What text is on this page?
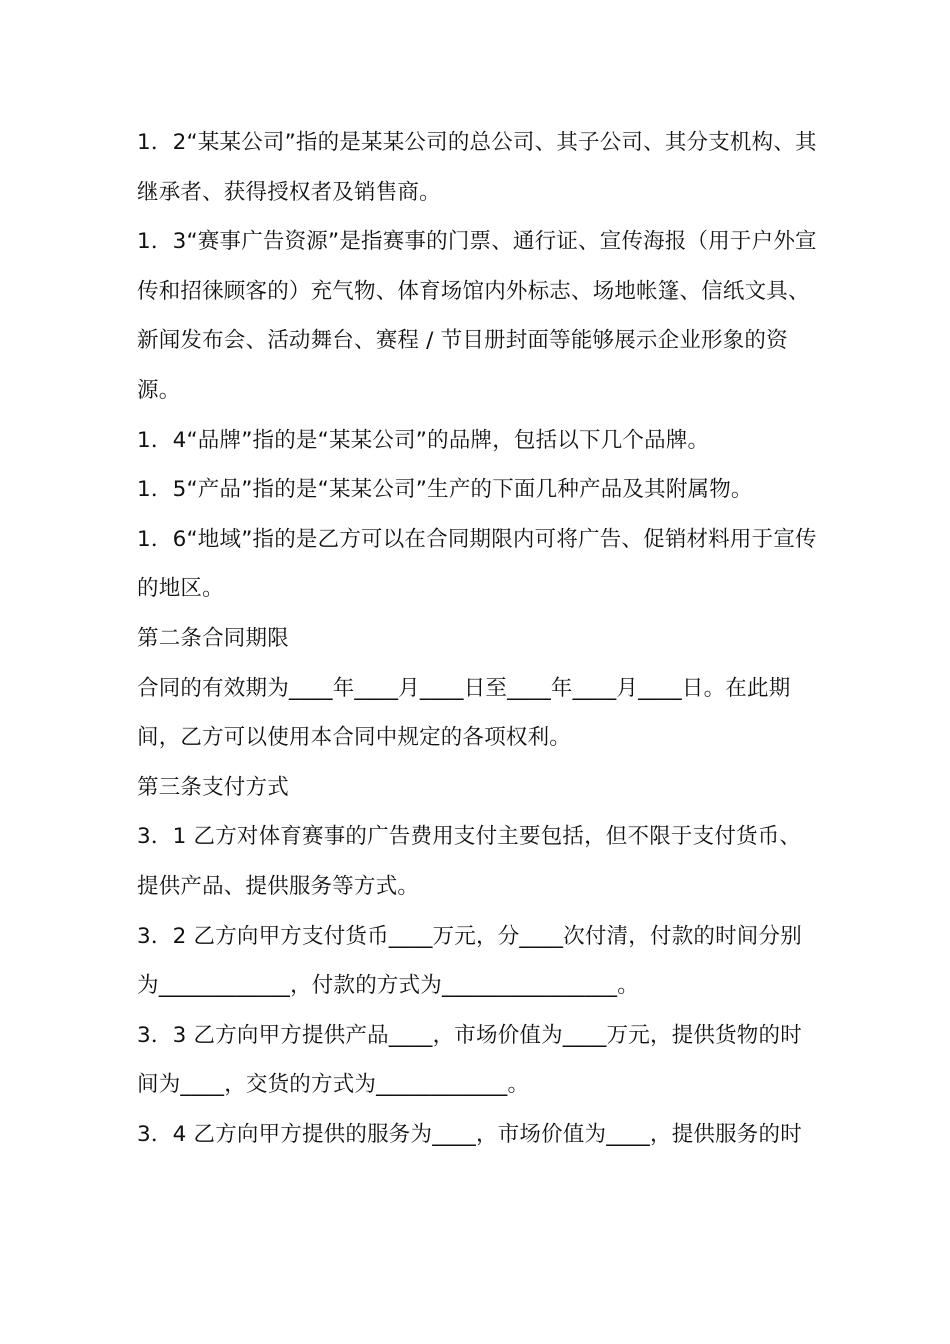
1．2“某某公司”指的是某某公司的总公司、其子公司、其分支机构、其
继承者、获得授权者及销售商。
1．3“赛事广告资源”是指赛事的门票、通行证、宣传海报（用于户外宣
传和招徕顾客的）充气物、体育场馆内外标志、场地帐篷、信纸文具、
新闻发布会、活动舞台、赛程 / 节目册封面等能够展示企业形象的资
源。
1．4“品牌”指的是“某某公司”的品牌，包括以下几个品牌。
1．5“产品”指的是“某某公司”生产的下面几种产品及其附属物。
1．6“地域”指的是乙方可以在合同期限内可将广告、促销材料用于宣传
的地区。
第二条合同期限
合同的有效期为____年____月____日至____年____月____日。在此期
间，乙方可以使用本合同中规定的各项权利。
第三条支付方式
3．1 乙方对体育赛事的广告费用支付主要包括，但不限于支付货币、
提供产品、提供服务等方式。
3．2 乙方向甲方支付货币____万元，分____次付清，付款的时间分别
为____________，付款的方式为________________。
3．3 乙方向甲方提供产品____，市场价值为____万元，提供货物的时
间为____，交货的方式为____________。
3．4 乙方向甲方提供的服务为____，市场价值为____，提供服务的时
